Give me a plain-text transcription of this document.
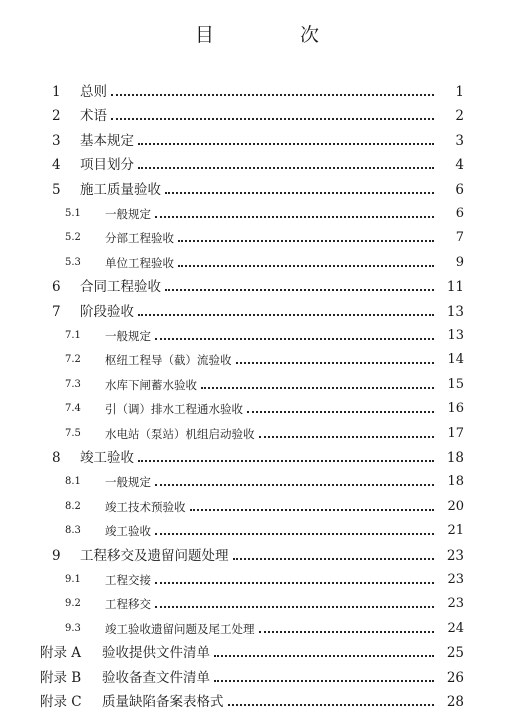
目 次
1	总则	1
2	术语	2
3	基本规定	3
4	项目划分	4
5	施工质量验收	6
5.1	一般规定	6
5.2	分部工程验收	7
5.3	单位工程验收	9
6	合同工程验收	11
7	阶段验收	13
7.1	一般规定	13
7.2	枢纽工程导（截）流验收	14
7.3	水库下闸蓄水验收	15
7.4	引（调）排水工程通水验收	16
7.5	水电站（泵站）机组启动验收	17
8	竣工验收	18
8.1	一般规定	18
8.2	竣工技术预验收	20
8.3	竣工验收	21
9	工程移交及遗留问题处理	23
9.1	工程交接	23
9.2	工程移交	23
9.3	竣工验收遗留问题及尾工处理	24
附录 A	验收提供文件清单	25
附录 B	验收备查文件清单	26
附录 C	质量缺陷备案表格式	28
